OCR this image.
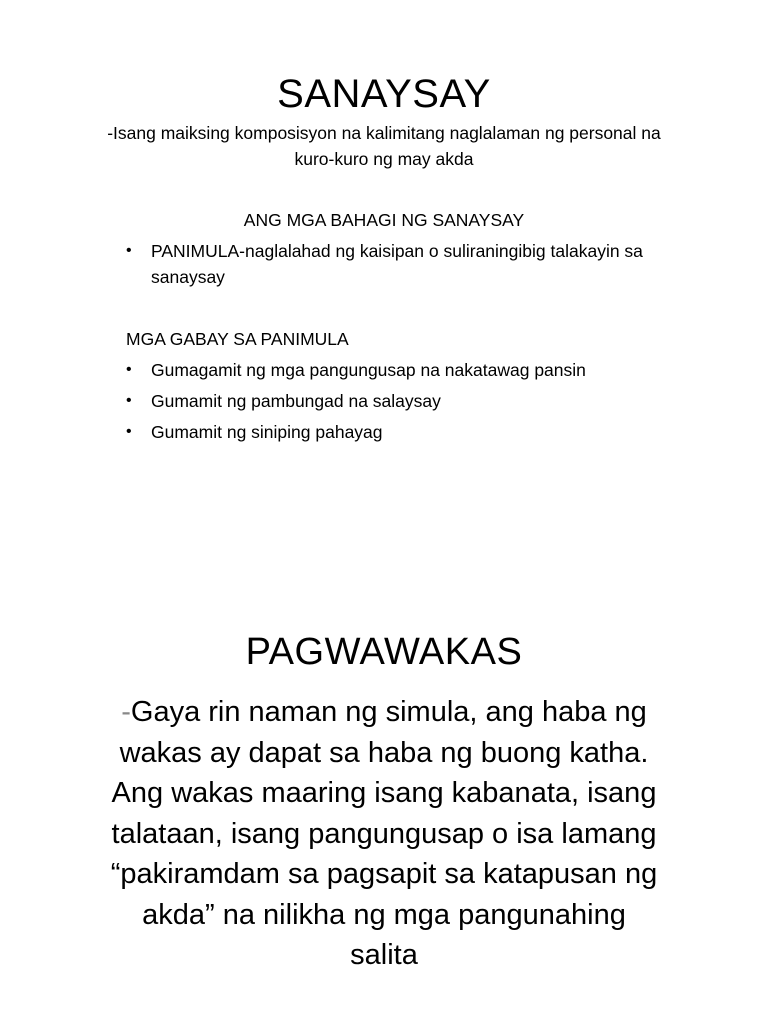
SANAYSAY
-Isang maiksing komposisyon na kalimitang naglalaman ng personal na kuro-kuro ng may akda
ANG MGA BAHAGI NG SANAYSAY
• PANIMULA-naglalahad ng kaisipan o suliraningibig talakayin sa sanaysay
MGA GABAY SA PANIMULA
• Gumagamit ng mga pangungusap na nakatawag pansin
• Gumamit ng pambungad na salaysay
• Gumamit ng siniping pahayag
PAGWAWAKAS
-Gaya rin naman ng simula, ang haba ng wakas ay dapat sa haba ng buong katha. Ang wakas maaring isang kabanata, isang talataan, isang pangungusap o isa lamang “pakiramdam sa pagsapit sa katapusan ng akda” na nilikha ng mga pangunahing salita
